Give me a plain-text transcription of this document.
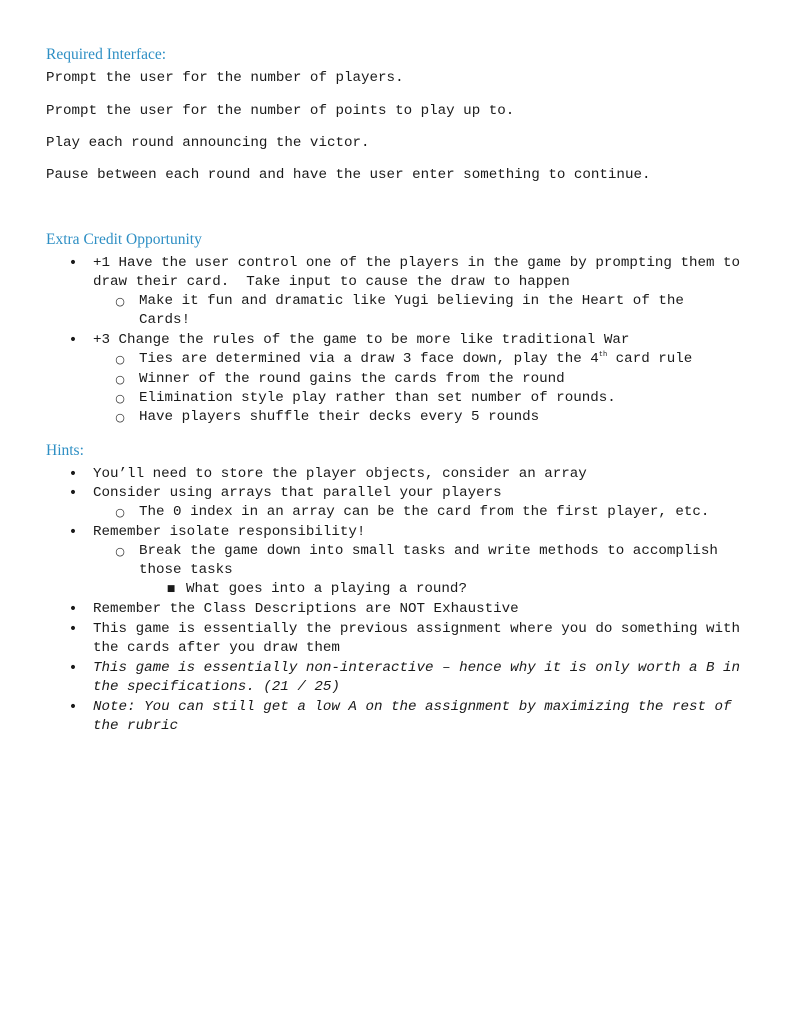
Required Interface:

Prompt the user for the number of players.

Prompt the user for the number of points to play up to.

Play each round announcing the victor.

Pause between each round and have the user enter something to continue.

Extra Credit Opportunity
• +1 Have the user control one of the players in the game by prompting them to

draw their card.  Take input to cause the draw to happen

○ Make it fun and dramatic like Yugi believing in the Heart of the

Cards!

• +3 Change the rules of the game to be more like traditional War

○ Ties are determined via a draw 3 face down, play the 4th card rule

○ Winner of the round gains the cards from the round

○ Elimination style play rather than set number of rounds.

○ Have players shuffle their decks every 5 rounds

Hints:
• You’ll need to store the player objects, consider an array

• Consider using arrays that parallel your players

○ The 0 index in an array can be the card from the first player, etc.

• Remember isolate responsibility!

○ Break the game down into small tasks and write methods to accomplish

those tasks

■ What goes into a playing a round?

• Remember the Class Descriptions are NOT Exhaustive

• This game is essentially the previous assignment where you do something with

the cards after you draw them

• This game is essentially non-interactive – hence why it is only worth a B in

the specifications. (21 / 25)

• Note: You can still get a low A on the assignment by maximizing the rest of

the rubric
